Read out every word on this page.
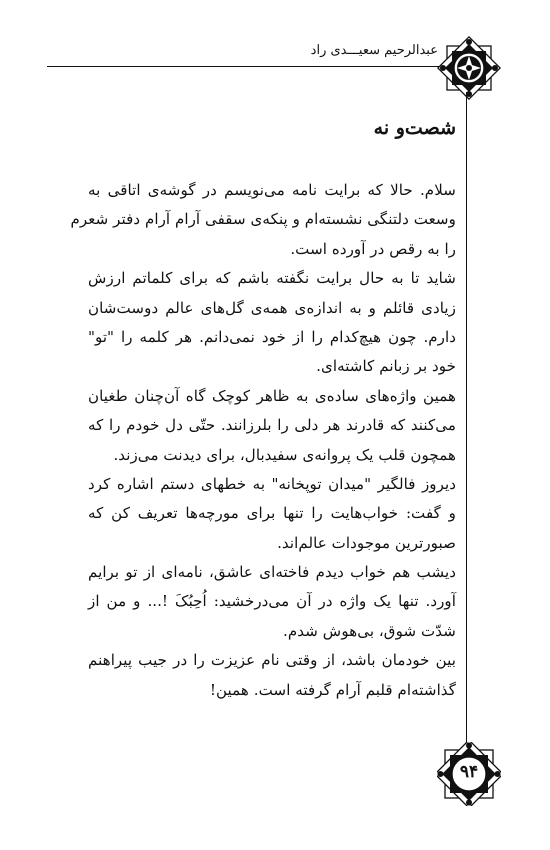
عبدالرحیم سعیـــدی راد
شصت‌و نه
سلام. حالا که برایت نامه می‌نویسم در گوشه‌ی اتاقی به
وسعت دلتنگی نشسته‌ام و پنکه‌ی سقفی آرام آرام دفتر شعرم
را به رقص در آورده است.
شاید تا به حال برایت نگفته باشم که برای کلماتم ارزش
زیادی قائلم و به اندازه‌ی همه‌ی گل‌های عالم دوست‌شان
دارم. چون هیچ‌کدام را از خود نمی‌دانم. هر کلمه را "تو"
خود بر زبانم کاشته‌ای.
همین واژه‌های ساده‌ی به ظاهر کوچک گاه آن‌چنان طغیان
می‌کنند که قادرند هر دلی را بلرزانند. حتّی دل خودم را که
همچون قلب یک پروانه‌ی سفیدبال، برای دیدنت می‌زند.
دیروز فالگیر "میدان توپخانه" به خطهای دستم اشاره کرد
و گفت: خواب‌هایت را تنها برای مورچه‌ها تعریف کن که
صبورترین موجودات عالم‌اند.
دیشب هم خواب دیدم فاخته‌ای عاشق، نامه‌ای از تو برایم
آورد. تنها یک واژه در آن می‌درخشید: اُحِبُکَ !... و من از
شدّت شوق، بی‌هوش شدم.
بین خودمان باشد، از وقتی نام عزیزت را در جیب پیراهنم
گذاشته‌ام قلبم آرام گرفته است. همین!
۹۴
